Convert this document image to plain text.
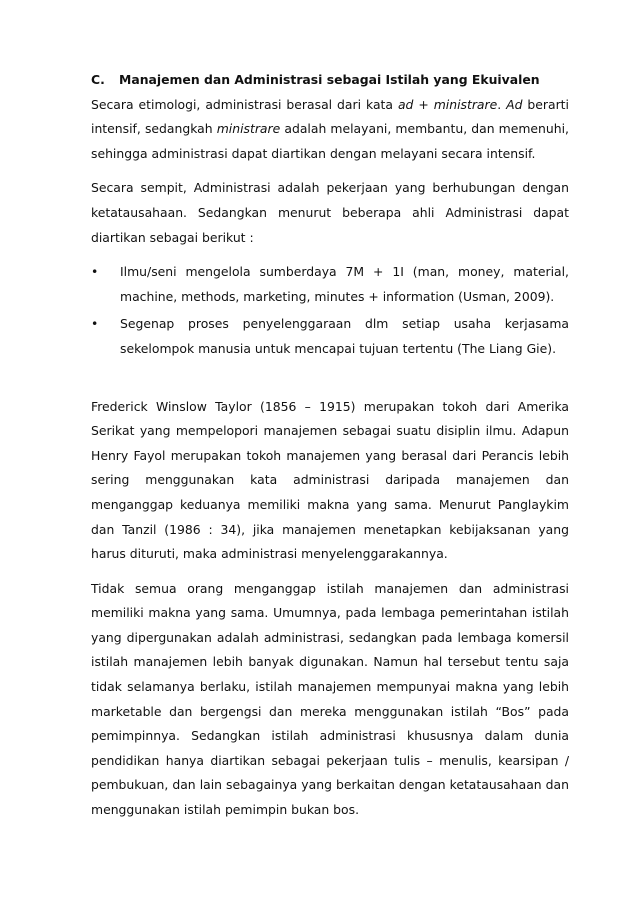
C.	Manajemen dan Administrasi sebagai Istilah yang Ekuivalen

Secara etimologi, administrasi berasal dari kata ad + ministrare. Ad berarti intensif, sedangkah ministrare adalah melayani, membantu, dan memenuhi, sehingga administrasi dapat diartikan dengan melayani secara intensif.

Secara sempit, Administrasi adalah pekerjaan yang berhubungan dengan ketatausahaan. Sedangkan menurut beberapa ahli Administrasi dapat diartikan sebagai berikut :

• Ilmu/seni mengelola sumberdaya 7M + 1I (man, money, material, machine, methods, marketing, minutes + information (Usman, 2009).
• Segenap proses penyelenggaraan dlm setiap usaha kerjasama sekelompok manusia untuk mencapai tujuan tertentu (The Liang Gie).

Frederick Winslow Taylor (1856 – 1915) merupakan tokoh dari Amerika Serikat yang mempelopori manajemen sebagai suatu disiplin ilmu. Adapun Henry Fayol merupakan tokoh manajemen yang berasal dari Perancis lebih sering menggunakan kata administrasi daripada manajemen dan menganggap keduanya memiliki makna yang sama. Menurut Panglaykim dan Tanzil (1986 : 34), jika manajemen menetapkan kebijaksanan yang harus dituruti, maka administrasi menyelenggarakannya.

Tidak semua orang menganggap istilah manajemen dan administrasi memiliki makna yang sama. Umumnya, pada lembaga pemerintahan istilah yang dipergunakan adalah administrasi, sedangkan pada lembaga komersil istilah manajemen lebih banyak digunakan. Namun hal tersebut tentu saja tidak selamanya berlaku, istilah manajemen mempunyai makna yang lebih marketable dan bergengsi dan mereka menggunakan istilah “Bos” pada pemimpinnya. Sedangkan istilah administrasi khususnya dalam dunia pendidikan hanya diartikan sebagai pekerjaan tulis – menulis, kearsipan / pembukuan, dan lain sebagainya yang berkaitan dengan ketatausahaan dan menggunakan istilah pemimpin bukan bos.
